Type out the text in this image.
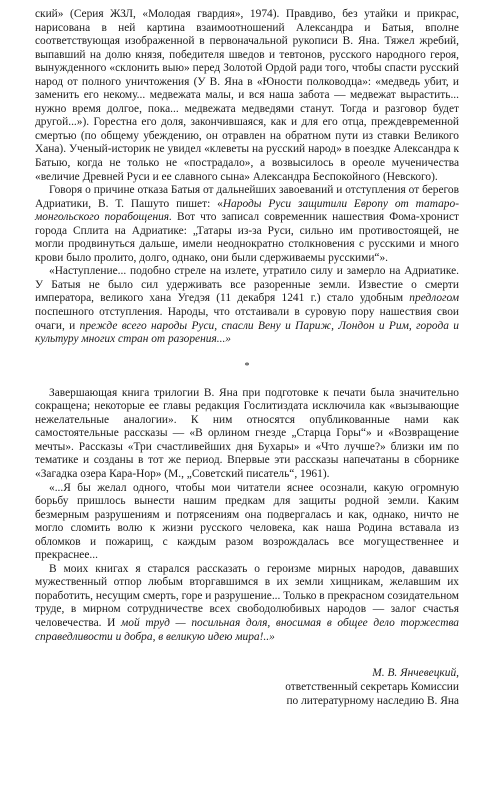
ский» (Серия ЖЗЛ, «Молодая гвардия», 1974). Правдиво, без утайки и прикрас, нарисована в ней картина взаимоотношений Александра и Батыя, вполне соответствующая изображенной в первоначальной рукописи В. Яна. Тяжел жребий, выпавший на долю князя, победителя шведов и тевтонов, русского народного героя, вынужденного «склонить выю» перед Золотой Ордой ради того, чтобы спасти русский народ от полного уничтожения (У В. Яна в «Юности полководца»: «медведь убит, и заменить его некому... медвежата малы, и вся наша забота — медвежат вырастить... нужно время долгое, пока... медвежата медведями станут. Тогда и разговор будет другой...»). Горестна его доля, закончившаяся, как и для его отца, преждевременной смертью (по общему убеждению, он отравлен на обратном пути из ставки Великого Хана). Ученый-историк не увидел «клеветы на русский народ» в поездке Александра к Батыю, когда не только не «пострадало», а возвысилось в ореоле мученичества «величие Древней Руси и ее славного сына» Александра Беспокойного (Невского).

Говоря о причине отказа Батыя от дальнейших завоеваний и отступления от берегов Адриатики, В. Т. Пашуто пишет: «Народы Руси защитили Европу от татаро-монгольского порабощения. Вот что записал современник нашествия Фома-хронист города Сплита на Адриатике: „Татары из-за Руси, сильно им противостоящей, не могли продвинуться дальше, имели неоднократно столкновения с русскими и много крови было пролито, долго, однако, они были сдерживаемы русскими“».

«Наступление... подобно стреле на излете, утратило силу и замерло на Адриатике. У Батыя не было сил удерживать все разоренные земли. Известие о смерти императора, великого хана Угедэя (11 декабря 1241 г.) стало удобным предлогом поспешного отступления. Народы, что отстаивали в суровую пору нашествия свои очаги, и прежде всего народы Руси, спасли Вену и Париж, Лондон и Рим, города и культуру многих стран от разорения...»

*

Завершающая книга трилогии В. Яна при подготовке к печати была значительно сокращена; некоторые ее главы редакция Гослитиздата исключила как «вызывающие нежелательные аналогии». К ним относятся опубликованные нами как самостоятельные рассказы — «В орлином гнезде „Старца Горы“» и «Возвращение мечты». Рассказы «Три счастливейших дня Бухары» и «Что лучше?» близки им по тематике и созданы в тот же период. Впервые эти рассказы напечатаны в сборнике «Загадка озера Кара-Нор» (М., „Советский писатель“, 1961).

«...Я бы желал одного, чтобы мои читатели яснее осознали, какую огромную борьбу пришлось вынести нашим предкам для защиты родной земли. Каким безмерным разрушениям и потрясениям она подвергалась и как, однако, ничто не могло сломить волю к жизни русского человека, как наша Родина вставала из обломков и пожарищ, с каждым разом возрождалась все могущественнее и прекраснее...

В моих книгах я старался рассказать о героизме мирных народов, дававших мужественный отпор любым вторгавшимся в их земли хищникам, желавшим их поработить, несущим смерть, горе и разрушение... Только в прекрасном созидательном труде, в мирном сотрудничестве всех свободолюбивых народов — залог счастья человечества. И мой труд — посильная доля, вносимая в общее дело торжества справедливости и добра, в великую идею мира!..»

М. В. Янчевецкий,
ответственный секретарь Комиссии
по литературному наследию В. Яна
